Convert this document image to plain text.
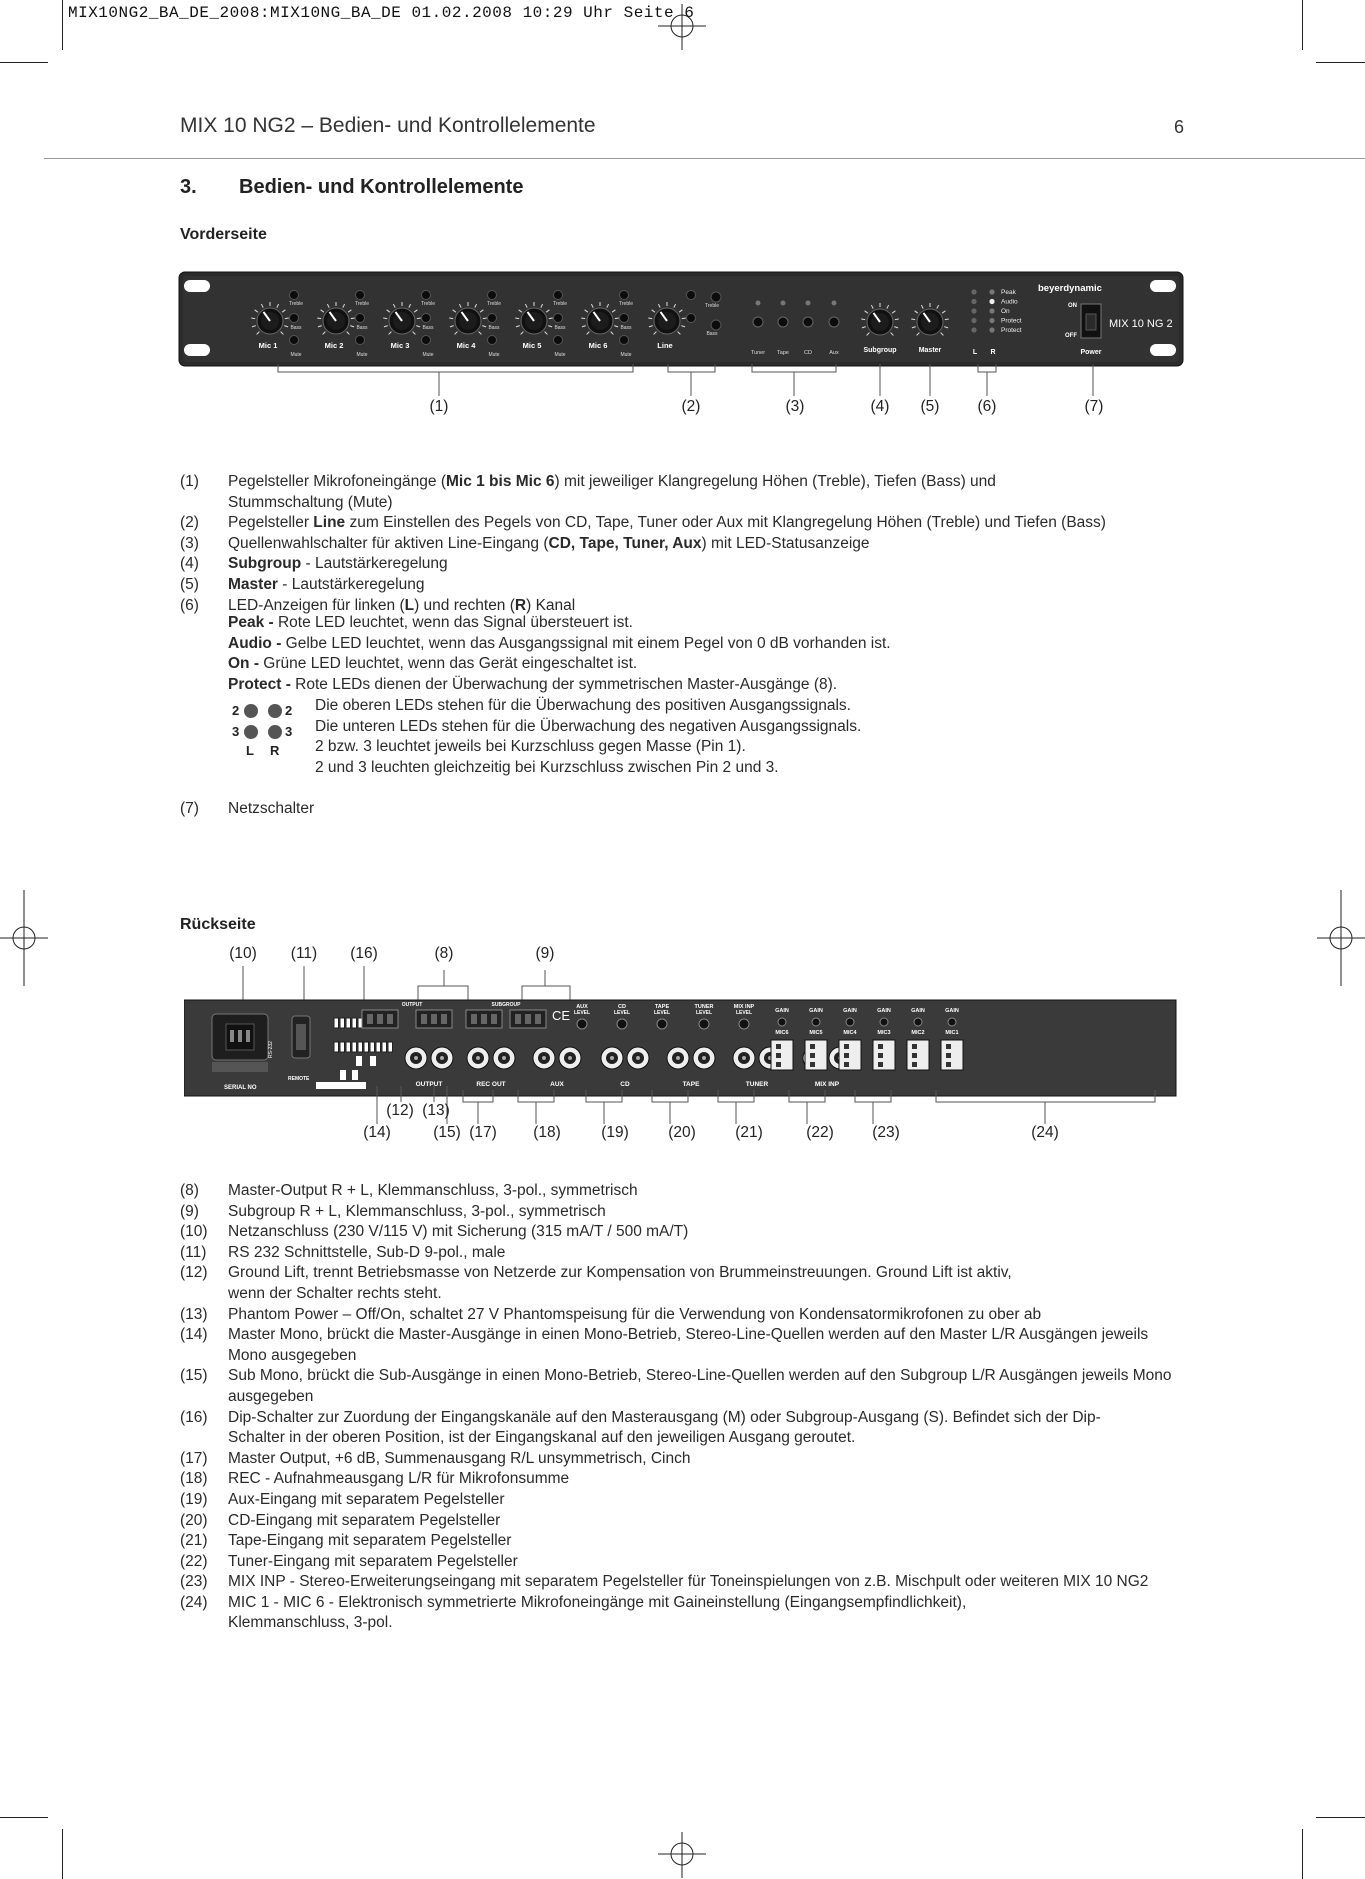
MIX10NG2_BA_DE_2008:MIX10NG_BA_DE 01.02.2008 10:29 Uhr Seite 6
MIX 10 NG2 – Bedien- und Kontrollelemente	6
3. Bedien- und Kontrollelemente
Vorderseite
Mic 1
Treble
Bass
Mute
Mic 2
Treble
Bass
Mute
Mic 3
Treble
Bass
Mute
Mic 4
Treble
Bass
Mute
Mic 5
Treble
Bass
Mute
Mic 6
Treble
Bass
Mute
Line
Treble
Bass
Tuner Tape	CD	Aux	Subgroup	Master
Peak
Audio
On
Protect
Protect
L R
beyerdynamic
ON
OFF
Power
MIX 10 NG 2
(1)	(2)	(3)	(4) (5) (6)	(7)
(1)	Pegelsteller Mikrofoneingänge (Mic 1 bis Mic 6) mit jeweiliger Klangregelung Höhen (Treble), Tiefen (Bass) und Stummschaltung (Mute)
(2)	Pegelsteller Line zum Einstellen des Pegels von CD, Tape, Tuner oder Aux mit Klangregelung Höhen (Treble) und Tiefen (Bass)
(3)	Quellenwahlschalter für aktiven Line-Eingang (CD, Tape, Tuner, Aux) mit LED-Statusanzeige
(4)	Subgroup - Lautstärkeregelung
(5)	Master - Lautstärkeregelung
(6)	LED-Anzeigen für linken (L) und rechten (R) Kanal
Peak - Rote LED leuchtet, wenn das Signal übersteuert ist.
Audio - Gelbe LED leuchtet, wenn das Ausgangssignal mit einem Pegel von 0 dB vorhanden ist.
On - Grüne LED leuchtet, wenn das Gerät eingeschaltet ist.
Protect - Rote LEDs dienen der Überwachung der symmetrischen Master-Ausgänge (8).
2	2
3	3
L R
Die oberen LEDs stehen für die Überwachung des positiven Ausgangssignals.
Die unteren LEDs stehen für die Überwachung des negativen Ausgangssignals.
2 bzw. 3 leuchtet jeweils bei Kurzschluss gegen Masse (Pin 1).
2 und 3 leuchten gleichzeitig bei Kurzschluss zwischen Pin 2 und 3.
(7)	Netzschalter
Rückseite
(10) (11) (16)	(8)	(9)
REMOTE
SERIAL NO
RS-232
OUTPUT	SUBGROUP
CE
OUTPUT	REC OUT	AUX	CD	TAPE	TUNER	MIX INP
AUX
LEVEL
CD
LEVEL
TAPE
LEVEL
TUNER
LEVEL
MIX INP
LEVEL	GAIN
MIC6
GAIN
MIC5
GAIN
MIC4
GAIN
MIC3
GAIN
MIC2
GAIN
MIC1
(12) (13)
(14)	(15) (17) (18)	(19)	(20)	(21)	(22) (23)	(24)
(8)	Master-Output R + L, Klemmanschluss, 3-pol., symmetrisch
(9)	Subgroup R + L, Klemmanschluss, 3-pol., symmetrisch
(10)	Netzanschluss (230 V/115 V) mit Sicherung (315 mA/T / 500 mA/T)
(11)	RS 232 Schnittstelle, Sub-D 9-pol., male
(12)	Ground Lift, trennt Betriebsmasse von Netzerde zur Kompensation von Brummeinstreuungen. Ground Lift ist aktiv, wenn der Schalter rechts steht.
(13)	Phantom Power – Off/On, schaltet 27 V Phantomspeisung für die Verwendung von Kondensatormikrofonen zu ober ab
(14)	Master Mono, brückt die Master-Ausgänge in einen Mono-Betrieb, Stereo-Line-Quellen werden auf den Master L/R Ausgängen jeweils Mono ausgegeben
(15)	Sub Mono, brückt die Sub-Ausgänge in einen Mono-Betrieb, Stereo-Line-Quellen werden auf den Subgroup L/R Ausgängen jeweils Mono ausgegeben
(16)	Dip-Schalter zur Zuordung der Eingangskanäle auf den Masterausgang (M) oder Subgroup-Ausgang (S). Befindet sich der Dip-Schalter in der oberen Position, ist der Eingangskanal auf den jeweiligen Ausgang geroutet.
(17)	Master Output, +6 dB, Summenausgang R/L unsymmetrisch, Cinch
(18)	REC - Aufnahmeausgang L/R für Mikrofonsumme
(19)	Aux-Eingang mit separatem Pegelsteller
(20)	CD-Eingang mit separatem Pegelsteller
(21)	Tape-Eingang mit separatem Pegelsteller
(22)	Tuner-Eingang mit separatem Pegelsteller
(23)	MIX INP - Stereo-Erweiterungseingang mit separatem Pegelsteller für Toneinspielungen von z.B. Mischpult oder weiteren MIX 10 NG2
(24)	MIC 1 - MIC 6 - Elektronisch symmetrierte Mikrofoneingänge mit Gaineinstellung (Eingangsempfindlichkeit), Klemmanschluss, 3-pol.
